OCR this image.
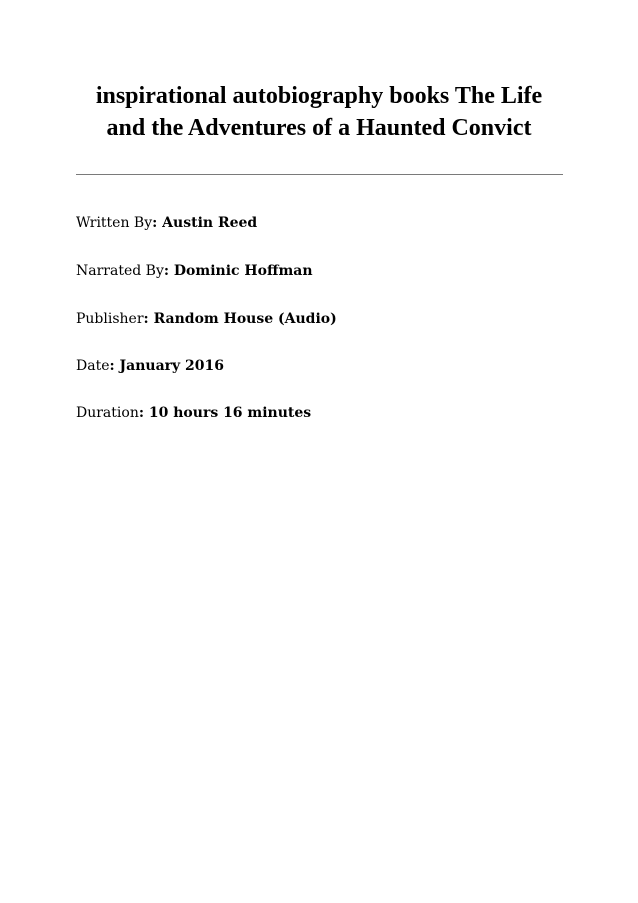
inspirational autobiography books The Life and the Adventures of a Haunted Convict
Written By: Austin Reed
Narrated By: Dominic Hoffman
Publisher: Random House (Audio)
Date: January 2016
Duration: 10 hours 16 minutes
